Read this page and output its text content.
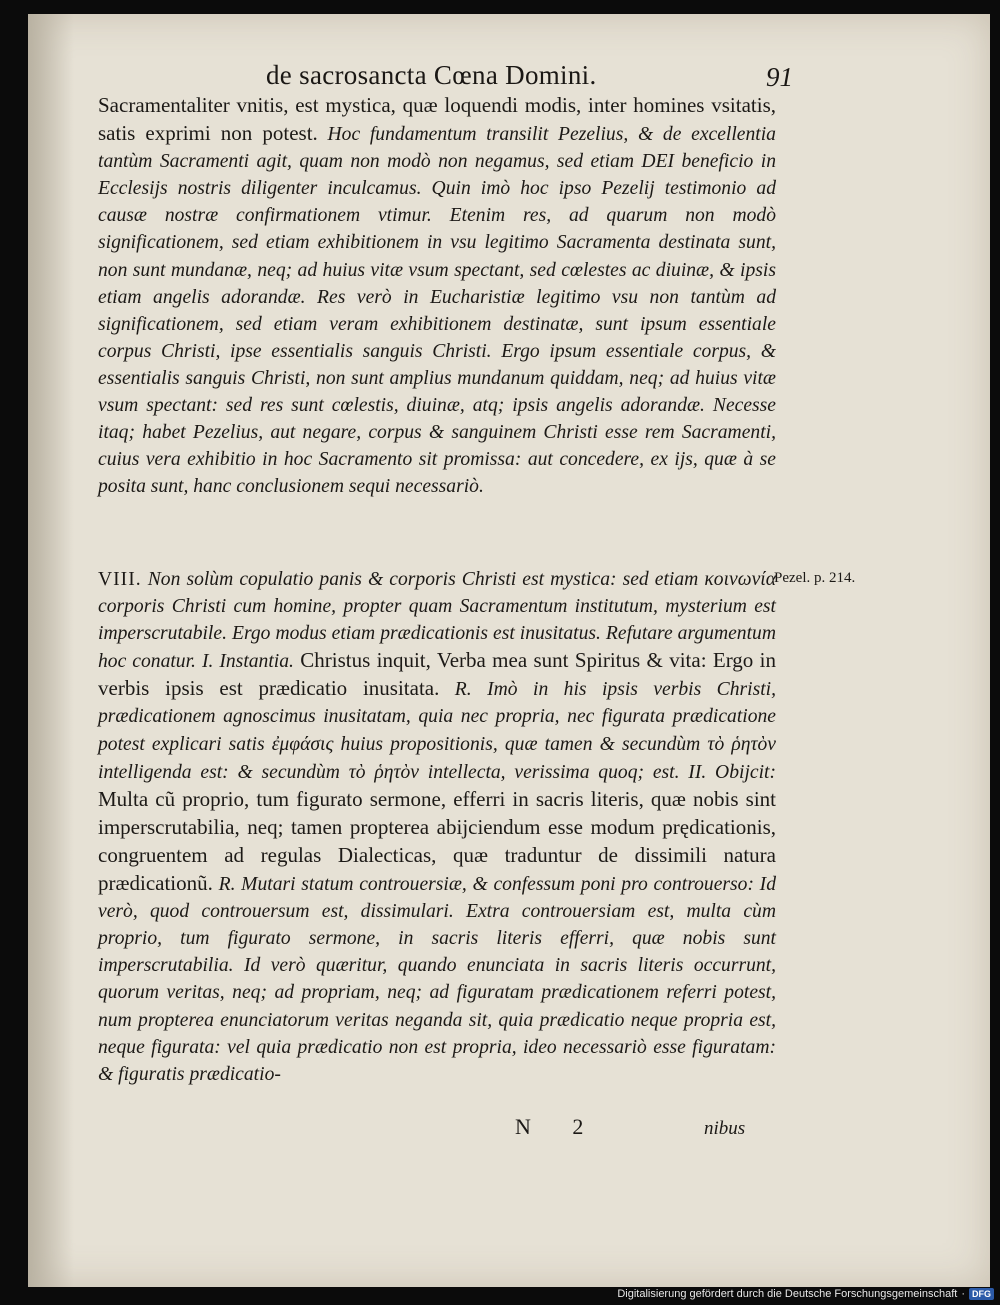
de sacrosancta Cœna Domini.	91
Sacramentaliter vnitis, est mystica, quæ loquendi modis, inter homines vsitatis, satis exprimi non potest. Hoc fundamentum transilit Pezelius, & de excellentia tantùm Sacramenti agit, quam non modò non negamus, sed etiam DEI beneficio in Ecclesijs nostris diligenter inculcamus. Quin imò hoc ipso Pezelij testimonio ad causæ nostræ confirmationem vtimur. Etenim res, ad quarum non modò significationem, sed etiam exhibitionem in vsu legitimo Sacramenta destinata sunt, non sunt mundanæ, neq; ad huius vitæ vsum spectant, sed cœlestes ac diuinæ, & ipsis etiam angelis adorandæ. Res verò in Eucharistiæ legitimo vsu non tantùm ad significationem, sed etiam veram exhibitionem destinatæ, sunt ipsum essentiale corpus Christi, ipse essentialis sanguis Christi. Ergo ipsum essentiale corpus, & essentialis sanguis Christi, non sunt amplius mundanum quiddam, neq; ad huius vitæ vsum spectant: sed res sunt cœlestis, diuinæ, atq; ipsis angelis adorandæ. Necesse itaq; habet Pezelius, aut negare, corpus & sanguinem Christi esse rem Sacramenti, cuius vera exhibitio in hoc Sacramento sit promissa: aut concedere, ex ijs, quæ à se posita sunt, hanc conclusionem sequi necessariò.
Pezel. p. 214.
VIII. Non solùm copulatio panis & corporis Christi est mystica: sed etiam κοινωνία corporis Christi cum homine, propter quam Sacramentum institutum, mysterium est imperscrutabile. Ergo modus etiam prædicationis est inusitatus. Refutare argumentum hoc conatur. I. Instantia. Christus inquit, Verba mea sunt Spiritus & vita: Ergo in verbis ipsis est prædicatio inusitata. R. Imò in his ipsis verbis Christi, prædicationem agnoscimus inusitatam, quia nec propria, nec figurata prædicatione potest explicari satis ἐμφάσις huius propositionis, quæ tamen & secundùm τὸ ῥητὸν intelligenda est: & secundùm τὸ ῥητὸν intellecta, verissima quoq; est. II. Obijcit: Multa cũ proprio, tum figurato sermone, efferri in sacris literis, quæ nobis sint imperscrutabilia, neq; tamen propterea abijciendum esse modum prędicationis, congruentem ad regulas Dialecticas, quæ traduntur de dissimili natura prædicationũ. R. Mutari statum controuersiæ, & confessum poni pro controuerso: Id verò, quod controuersum est, dissimulari. Extra controuersiam est, multa cùm proprio, tum figurato sermone, in sacris literis efferri, quæ nobis sunt imperscrutabilia. Id verò quæritur, quando enunciata in sacris literis occurrunt, quorum veritas, neq; ad propriam, neq; ad figuratam prædicationem referri potest, num propterea enunciatorum veritas neganda sit, quia prædicatio neque propria est, neque figurata: vel quia prædicatio non est propria, ideo necessariò esse figuratam: & figuratis prædicatio-
N 2	nibus
Digitalisierung gefördert durch die Deutsche Forschungsgemeinschaft · DFG
